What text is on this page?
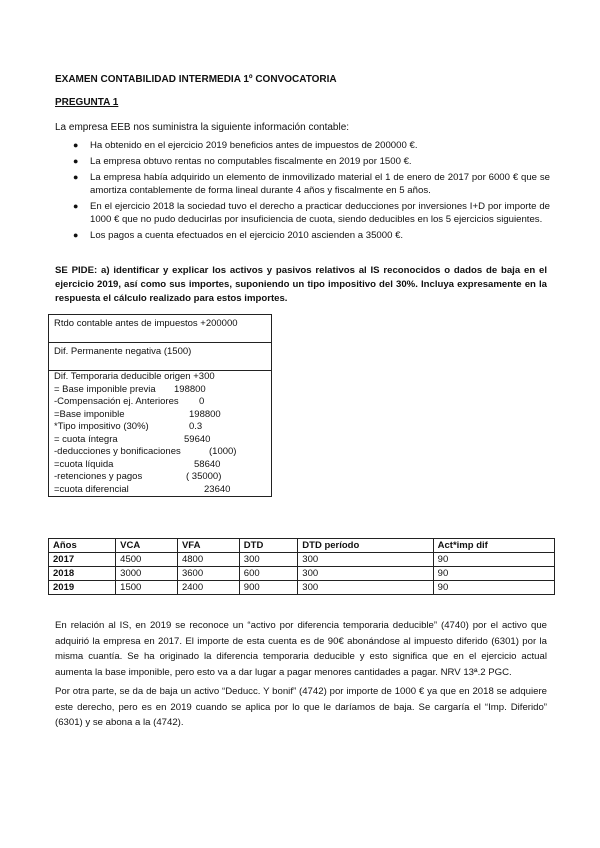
EXAMEN CONTABILIDAD INTERMEDIA 1º CONVOCATORIA
PREGUNTA 1
La empresa EEB nos suministra la siguiente información contable:
● Ha obtenido en el ejercicio 2019 beneficios antes de impuestos de 200000 €.
● La empresa obtuvo rentas no computables fiscalmente en 2019 por 1500 €.
● La empresa había adquirido un elemento de inmovilizado material el 1 de enero de 2017 por 6000 € que se amortiza contablemente de forma lineal durante 4 años y fiscalmente en 5 años.
● En el ejercicio 2018 la sociedad tuvo el derecho a practicar deducciones por inversiones I+D por importe de 1000 € que no pudo deducirlas por insuficiencia de cuota, siendo deducibles en los 5 ejercicios siguientes.
● Los pagos a cuenta efectuados en el ejercicio 2010 ascienden a 35000 €.
SE PIDE: a) identificar y explicar los activos y pasivos relativos al IS reconocidos o dados de baja en el ejercicio 2019, así como sus importes, suponiendo un tipo impositivo del 30%. Incluya expresamente en la respuesta el cálculo realizado para estos importes.
Rtdo contable antes de impuestos +200000
Dif. Permanente negativa (1500)
Dif. Temporaria deducible origen +300
= Base imponible previa 198800
-Compensación ej. Anteriores 0
=Base imponible	198800
*Tipo impositivo (30%)	0.3
= cuota íntegra	59640
-deducciones y bonificaciones	(1000)
=cuota líquida	58640
-retenciones y pagos	( 35000)
=cuota diferencial	23640
Años	VCA	VFA	DTD	DTD período	Act*imp dif
2017	4500	4800	300	300	90
2018	3000	3600	600	300	90
2019	1500	2400	900	300	90
En relación al IS, en 2019 se reconoce un “activo por diferencia temporaria deducible” (4740) por el activo que adquirió la empresa en 2017. El importe de esta cuenta es de 90€ abonándose al impuesto diferido (6301) por la misma cuantía. Se ha originado la diferencia temporaria deducible y esto significa que en el ejercicio actual aumenta la base imponible, pero esto va a dar lugar a pagar menores cantidades a pagar. NRV 13ª.2 PGC.
Por otra parte, se da de baja un activo “Deducc. Y bonif” (4742) por importe de 1000 € ya que en 2018 se adquiere este derecho, pero es en 2019 cuando se aplica por lo que le daríamos de baja. Se cargaría el “Imp. Diferido” (6301) y se abona a la (4742).
